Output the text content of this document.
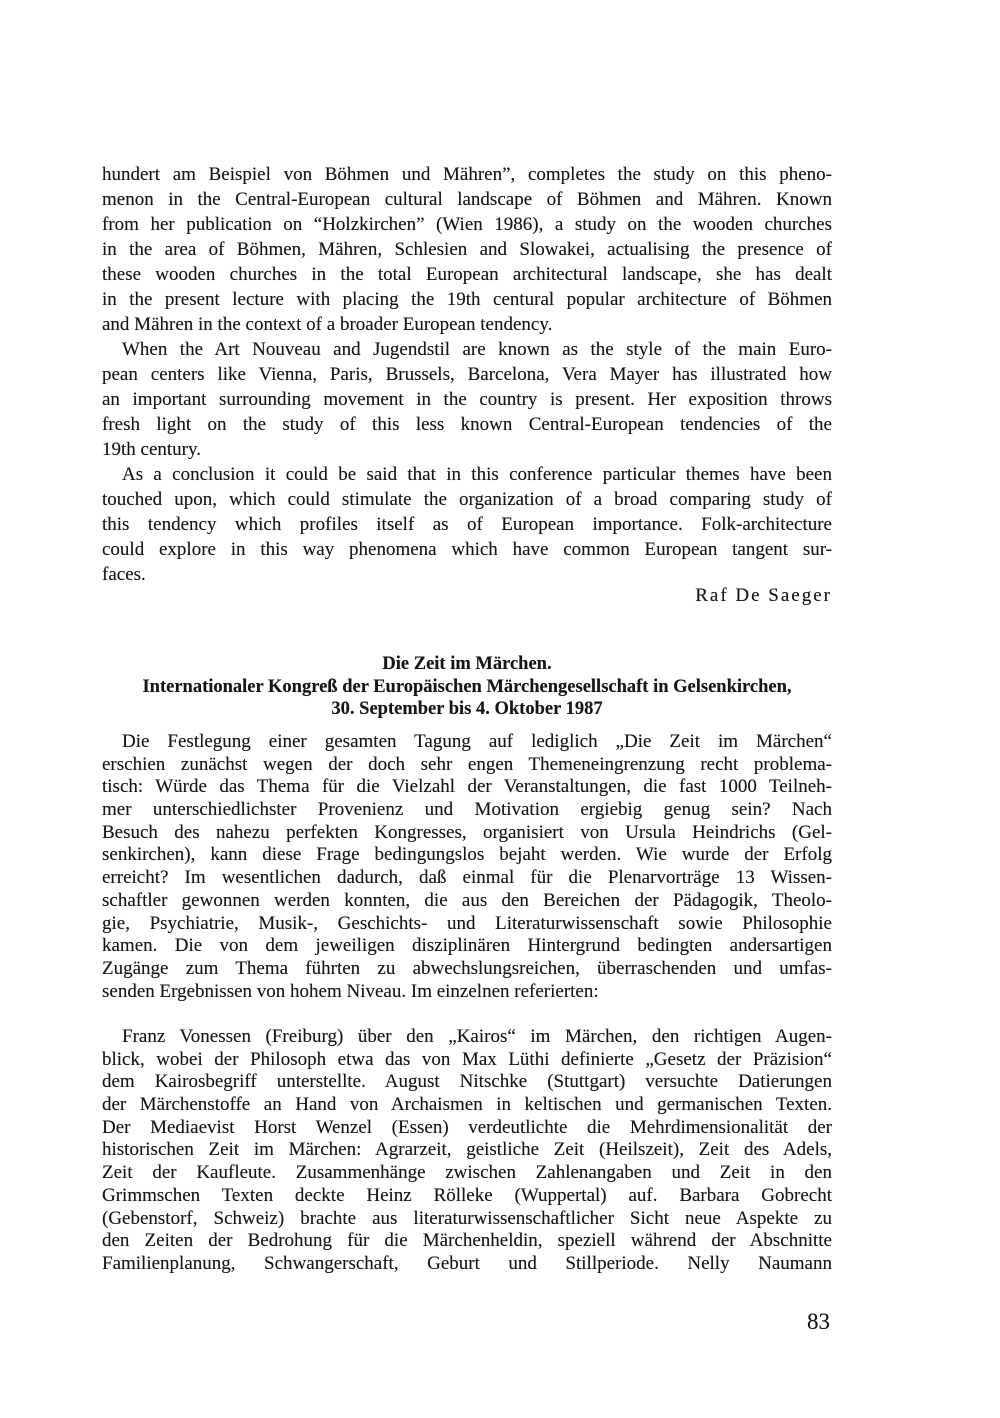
hundert am Beispiel von Böhmen und Mähren”, completes the study on this pheno-
menon in the Central-European cultural landscape of Böhmen and Mähren. Known
from her publication on “Holzkirchen” (Wien 1986), a study on the wooden churches
in the area of Böhmen, Mähren, Schlesien and Slowakei, actualising the presence of
these wooden churches in the total European architectural landscape, she has dealt
in the present lecture with placing the 19th centural popular architecture of Böhmen
and Mähren in the context of a broader European tendency.
When the Art Nouveau and Jugendstil are known as the style of the main Euro-
pean centers like Vienna, Paris, Brussels, Barcelona, Vera Mayer has illustrated how
an important surrounding movement in the country is present. Her exposition throws
fresh light on the study of this less known Central-European tendencies of the
19th century.
As a conclusion it could be said that in this conference particular themes have been
touched upon, which could stimulate the organization of a broad comparing study of
this tendency which profiles itself as of European importance. Folk-architecture
could explore in this way phenomena which have common European tangent sur-
faces.
Raf De Saeger
Die Zeit im Märchen.
Internationaler Kongreß der Europäischen Märchengesellschaft in Gelsenkirchen,
30. September bis 4. Oktober 1987
Die Festlegung einer gesamten Tagung auf lediglich „Die Zeit im Märchen“
erschien zunächst wegen der doch sehr engen Themeneingrenzung recht problema-
tisch: Würde das Thema für die Vielzahl der Veranstaltungen, die fast 1000 Teilneh-
mer unterschiedlichster Provenienz und Motivation ergiebig genug sein? Nach
Besuch des nahezu perfekten Kongresses, organisiert von Ursula Heindrichs (Gel-
senkirchen), kann diese Frage bedingungslos bejaht werden. Wie wurde der Erfolg
erreicht? Im wesentlichen dadurch, daß einmal für die Plenarvorträge 13 Wissen-
schaftler gewonnen werden konnten, die aus den Bereichen der Pädagogik, Theolo-
gie, Psychiatrie, Musik-, Geschichts- und Literaturwissenschaft sowie Philosophie
kamen. Die von dem jeweiligen disziplinären Hintergrund bedingten andersartigen
Zugänge zum Thema führten zu abwechslungsreichen, überraschenden und umfas-
senden Ergebnissen von hohem Niveau. Im einzelnen referierten:
Franz Vonessen (Freiburg) über den „Kairos“ im Märchen, den richtigen Augen-
blick, wobei der Philosoph etwa das von Max Lüthi definierte „Gesetz der Präzision“
dem Kairosbegriff unterstellte. August Nitschke (Stuttgart) versuchte Datierungen
der Märchenstoffe an Hand von Archaismen in keltischen und germanischen Texten.
Der Mediaevist Horst Wenzel (Essen) verdeutlichte die Mehrdimensionalität der
historischen Zeit im Märchen: Agrarzeit, geistliche Zeit (Heilszeit), Zeit des Adels,
Zeit der Kaufleute. Zusammenhänge zwischen Zahlenangaben und Zeit in den
Grimmschen Texten deckte Heinz Rölleke (Wuppertal) auf. Barbara Gobrecht
(Gebenstorf, Schweiz) brachte aus literaturwissenschaftlicher Sicht neue Aspekte zu
den Zeiten der Bedrohung für die Märchenheldin, speziell während der Abschnitte
Familienplanung, Schwangerschaft, Geburt und Stillperiode. Nelly Naumann
83
